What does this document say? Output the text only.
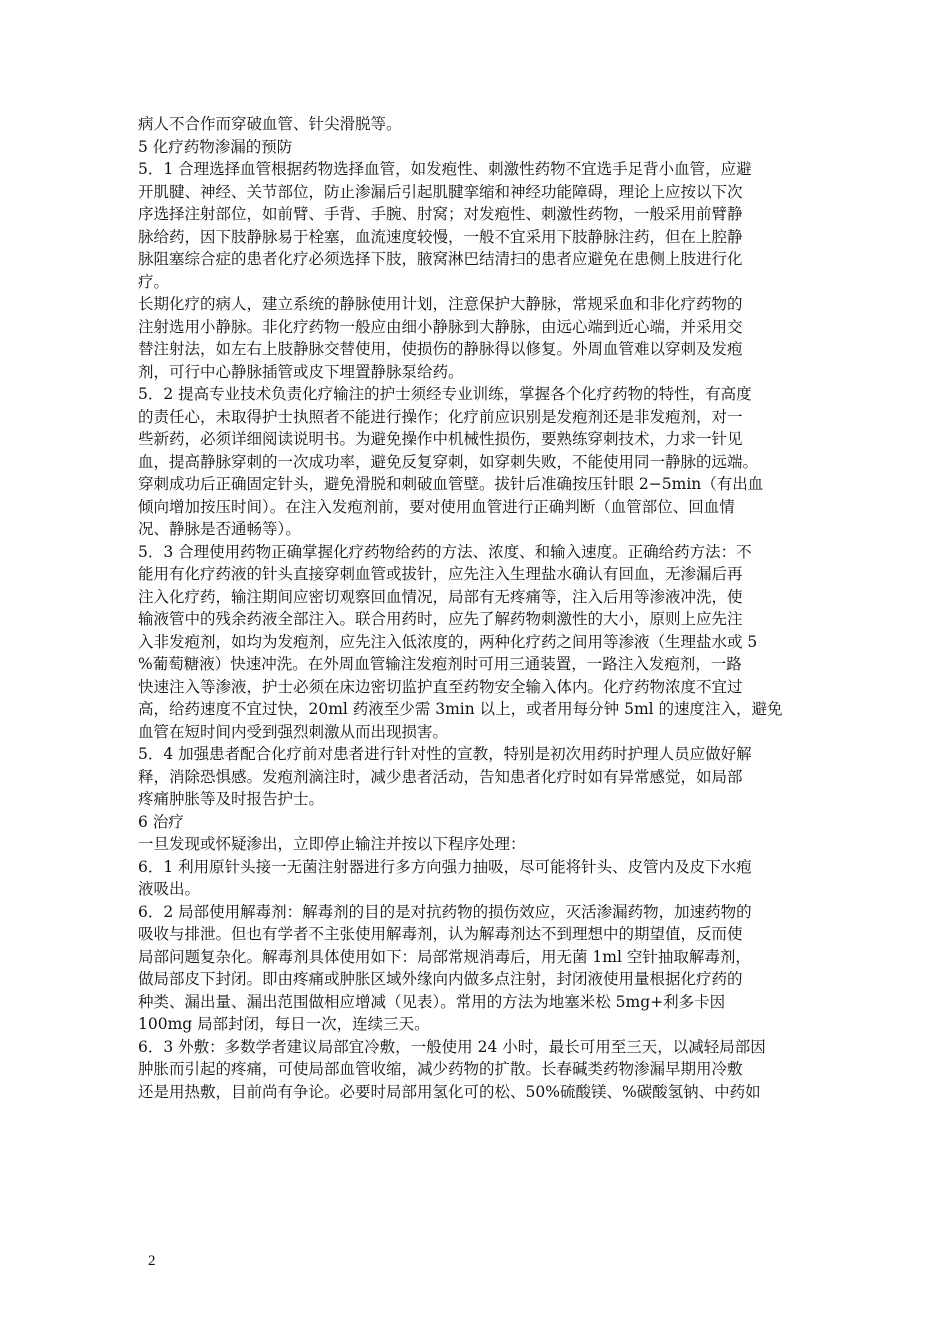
病人不合作而穿破血管、针尖滑脱等。
5 化疗药物渗漏的预防
5．1 合理选择血管根据药物选择血管，如发疱性、刺激性药物不宜选手足背小血管，应避
开肌腱、神经、关节部位，防止渗漏后引起肌腱挛缩和神经功能障碍，理论上应按以下次
序选择注射部位，如前臂、手背、手腕、肘窝；对发疱性、刺激性药物，一般采用前臂静
脉给药，因下肢静脉易于栓塞，血流速度较慢，一般不宜采用下肢静脉注药，但在上腔静
脉阻塞综合症的患者化疗必须选择下肢，腋窝淋巴结清扫的患者应避免在患侧上肢进行化
疗。
长期化疗的病人，建立系统的静脉使用计划，注意保护大静脉，常规采血和非化疗药物的
注射选用小静脉。非化疗药物一般应由细小静脉到大静脉，由远心端到近心端，并采用交
替注射法，如左右上肢静脉交替使用，使损伤的静脉得以修复。外周血管难以穿刺及发疱
剂，可行中心静脉插管或皮下埋置静脉泵给药。
5．2 提高专业技术负责化疗输注的护士须经专业训练，掌握各个化疗药物的特性，有高度
的责任心，未取得护士执照者不能进行操作；化疗前应识别是发疱剂还是非发疱剂，对一
些新药，必须详细阅读说明书。为避免操作中机械性损伤，要熟练穿刺技术，力求一针见
血，提高静脉穿刺的一次成功率，避免反复穿刺，如穿刺失败，不能使用同一静脉的远端。
穿刺成功后正确固定针头，避免滑脱和刺破血管壁。拔针后准确按压针眼 2−5min（有出血
倾向增加按压时间）。在注入发疱剂前，要对使用血管进行正确判断（血管部位、回血情
况、静脉是否通畅等）。
5．3 合理使用药物正确掌握化疗药物给药的方法、浓度、和输入速度。正确给药方法：不
能用有化疗药液的针头直接穿刺血管或拔针，应先注入生理盐水确认有回血，无渗漏后再
注入化疗药，输注期间应密切观察回血情况，局部有无疼痛等，注入后用等渗液冲洗，使
输液管中的残余药液全部注入。联合用药时，应先了解药物刺激性的大小，原则上应先注
入非发疱剂，如均为发疱剂，应先注入低浓度的，两种化疗药之间用等渗液（生理盐水或 5
%葡萄糖液）快速冲洗。在外周血管输注发疱剂时可用三通装置，一路注入发疱剂，一路
快速注入等渗液，护士必须在床边密切监护直至药物安全输入体内。化疗药物浓度不宜过
高，给药速度不宜过快，20ml 药液至少需 3min 以上，或者用每分钟 5ml 的速度注入，避免
血管在短时间内受到强烈刺激从而出现损害。
5．4 加强患者配合化疗前对患者进行针对性的宣教，特别是初次用药时护理人员应做好解
释，消除恐惧感。发疱剂滴注时，减少患者活动，告知患者化疗时如有异常感觉，如局部
疼痛肿胀等及时报告护士。
6 治疗
一旦发现或怀疑渗出，立即停止输注并按以下程序处理：
6．1 利用原针头接一无菌注射器进行多方向强力抽吸，尽可能将针头、皮管内及皮下水疱
液吸出。
6．2 局部使用解毒剂：解毒剂的目的是对抗药物的损伤效应，灭活渗漏药物，加速药物的
吸收与排泄。但也有学者不主张使用解毒剂，认为解毒剂达不到理想中的期望值，反而使
局部问题复杂化。解毒剂具体使用如下：局部常规消毒后，用无菌 1ml 空针抽取解毒剂，
做局部皮下封闭。即由疼痛或肿胀区域外缘向内做多点注射，封闭液使用量根据化疗药的
种类、漏出量、漏出范围做相应增减（见表）。常用的方法为地塞米松 5mg+利多卡因
100mg 局部封闭，每日一次，连续三天。
6．3 外敷：多数学者建议局部宜冷敷，一般使用 24 小时，最长可用至三天，以减轻局部因
肿胀而引起的疼痛，可使局部血管收缩，减少药物的扩散。长春碱类药物渗漏早期用冷敷
还是用热敷，目前尚有争论。必要时局部用氢化可的松、50%硫酸镁、%碳酸氢钠、中药如
2
